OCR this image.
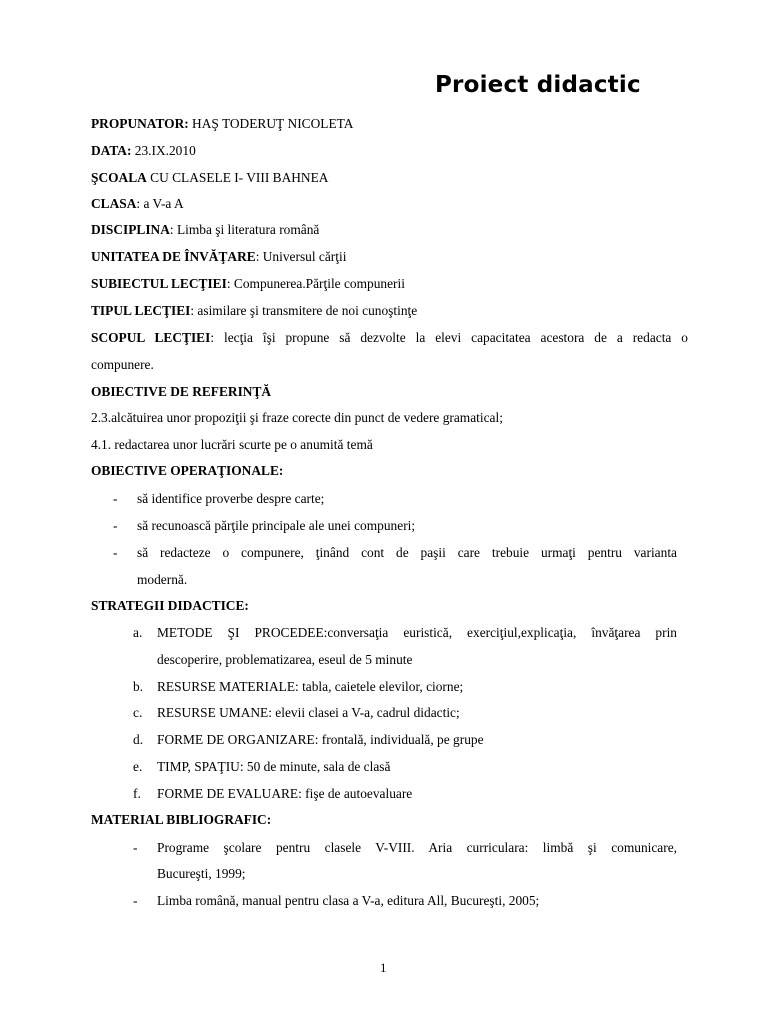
Proiect didactic
PROPUNATOR: HAŞ TODERUŢ NICOLETA
DATA: 23.IX.2010
ŞCOALA CU CLASELE I- VIII BAHNEA
CLASA: a V-a A
DISCIPLINA: Limba şi literatura română
UNITATEA DE ÎNVĂŢARE: Universul cărţii
SUBIECTUL LECŢIEI: Compunerea.Părţile compunerii
TIPUL LECŢIEI: asimilare şi transmitere de noi cunoştinţe
SCOPUL LECŢIEI: lecţia îşi propune să dezvolte la elevi capacitatea acestora de a redacta o
compunere.
OBIECTIVE DE REFERINŢĂ
2.3.alcătuirea unor propoziţii şi fraze corecte din punct de vedere gramatical;
4.1. redactarea unor lucrări scurte pe o anumită temă
OBIECTIVE OPERAŢIONALE:
- să identifice proverbe despre carte;
- să recunoască părţile principale ale unei compuneri;
- să redacteze o compunere, ţinând cont de paşii care trebuie urmaţi pentru varianta
modernă.
STRATEGII DIDACTICE:
a. METODE ŞI PROCEDEE:conversaţia euristică, exerciţiul,explicaţia, învăţarea prin
descoperire, problematizarea, eseul de 5 minute
b. RESURSE MATERIALE: tabla, caietele elevilor, ciorne;
c. RESURSE UMANE: elevii clasei a V-a, cadrul didactic;
d. FORME DE ORGANIZARE: frontală, individuală, pe grupe
e. TIMP, SPAŢIU: 50 de minute, sala de clasă
f. FORME DE EVALUARE: fişe de autoevaluare
MATERIAL BIBLIOGRAFIC:
- Programe şcolare pentru clasele V-VIII. Aria curriculara: limbă şi comunicare,
Bucureşti, 1999;
- Limba română, manual pentru clasa a V-a, editura All, Bucureşti, 2005;
1
